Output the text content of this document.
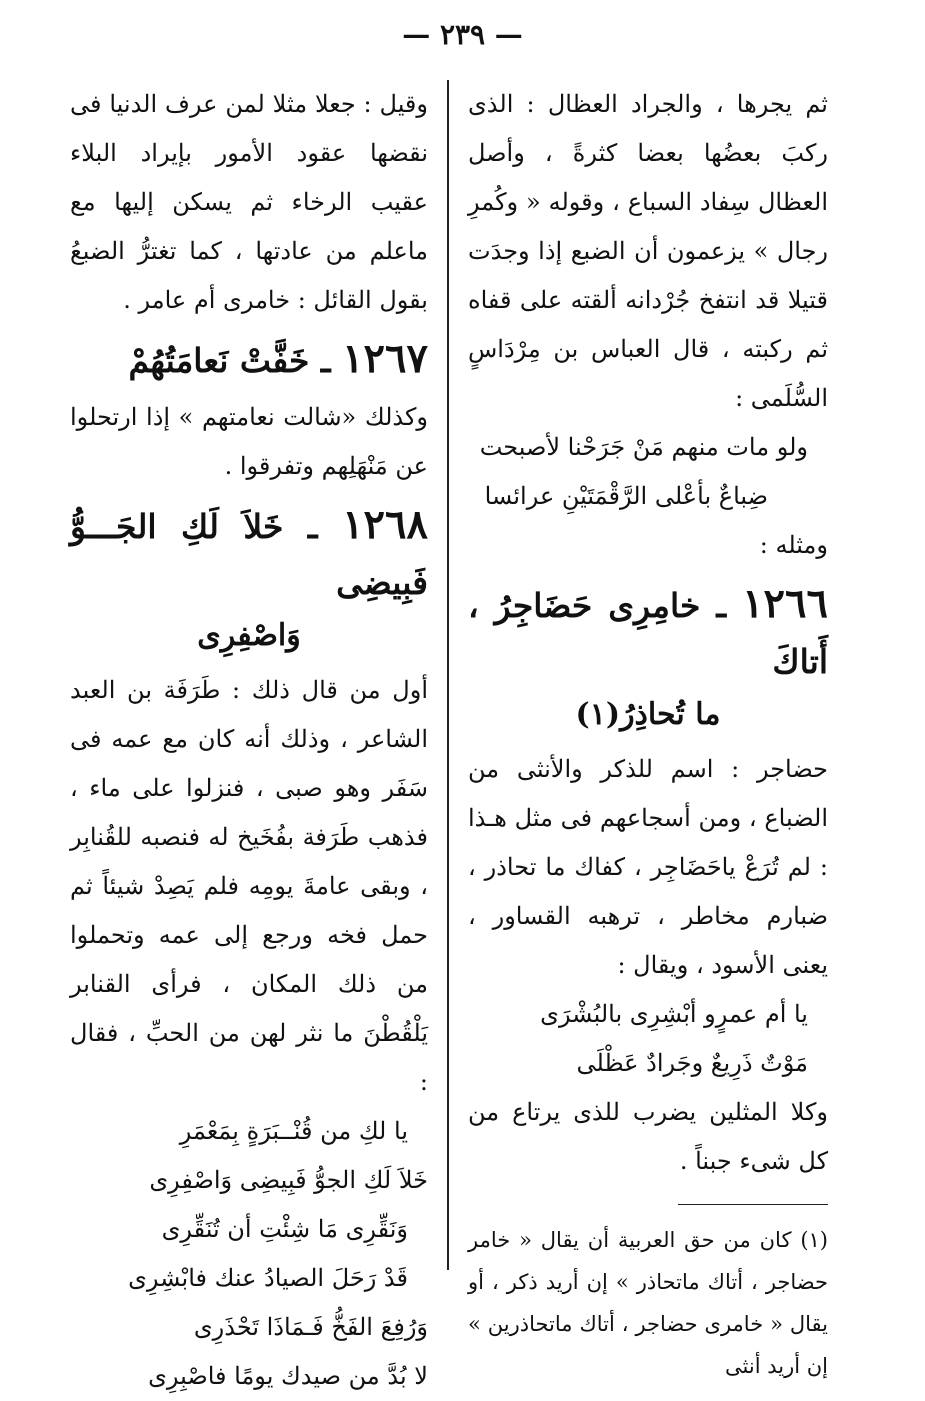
— ٢٣٩ —

ثم يجرها ، والجراد العظال : الذى ركبَ بعضُها بعضا كثرةً ، وأصل العظال سِفاد السباع ، وقوله « وكُمرِ رجال » يزعمون أن الضبع إذا وجدَت قتيلا قد انتفخ جُرْدانه ألقته على قفاه ثم ركبته ، قال العباس بن مِرْدَاسٍ السُّلَمى :

ولو مات منهم مَنْ جَرَحْنا لأصبحت

ضِباعٌ بأعْلى الرَّقْمَتَيْنِ عرائسا

ومثله :

١٢٦٦ ـ خامِرِى حَضَاجِرُ ، أَتاكَ
ما تُحاذِرُ(١)

حضاجر : اسم للذكر والأنثى من الضباع ، ومن أسجاعهم فى مثل هـذا : لم تُرَعْ ياحَضَاجِر ، كفاك ما تحاذر ، ضبارم مخاطر ، ترهبه القساور ، يعنى الأسود ، ويقال :

يا أم عمرٍو أبْشِرِى بالبُشْرَى

مَوْتٌ ذَرِيعٌ وجَرادٌ عَظْلَى

وكلا المثلين يضرب للذى يرتاع من كل شىء جبناً .

(١) كان من حق العربية أن يقال « خامر حضاجر ، أتاك ماتحاذر » إن أريد ذكر ، أو يقال « خامرى حضاجر ، أتاك ماتحاذرين » إن أريد أنثى

وقيل : جعلا مثلا لمن عرف الدنيا فى نقضها عقود الأمور بإيراد البلاء عقيب الرخاء ثم يسكن إليها مع ماعلم من عادتها ، كما تغترُّ الضبعُ بقول القائل : خامرى أم عامر .

١٢٦٧ ـ خَفَّتْ نَعامَتُهُمْ

وكذلك «شالت نعامتهم » إذا ارتحلوا عن مَنْهَلِهم وتفرقوا .

١٢٦٨ ـ خَلاَ لَكِ الجَـــوُّ فَبِيضِى
وَاصْفِرِى

أول من قال ذلك : طَرَفَة بن العبد الشاعر ، وذلك أنه كان مع عمه فى سَفَر وهو صبى ، فنزلوا على ماء ، فذهب طَرَفة بفُخَيخ له فنصبه للقُنابِر ، وبقى عامةَ يومِه فلم يَصِدْ شيئاً ثم حمل فخه ورجع إلى عمه وتحملوا من ذلك المكان ، فرأى القنابر يَلْقُطْنَ ما نثر لهن من الحبِّ ، فقال :

يا لكِ من قُنْــبَرَةٍ بِمَعْمَرِ

خَلاَ لَكِ الجوُّ فَبِيضِى وَاصْفِرِى

وَنَقِّرِى مَا شِئْتِ أن تُنَقِّرِى

قَدْ رَحَلَ الصيادُ عنك فابْشِرِى

وَرُفِعَ الفَخُّ فَـمَاذَا تَحْذَرِى

لا بُدَّ من صيدك يومًا فاصْبِرِى
